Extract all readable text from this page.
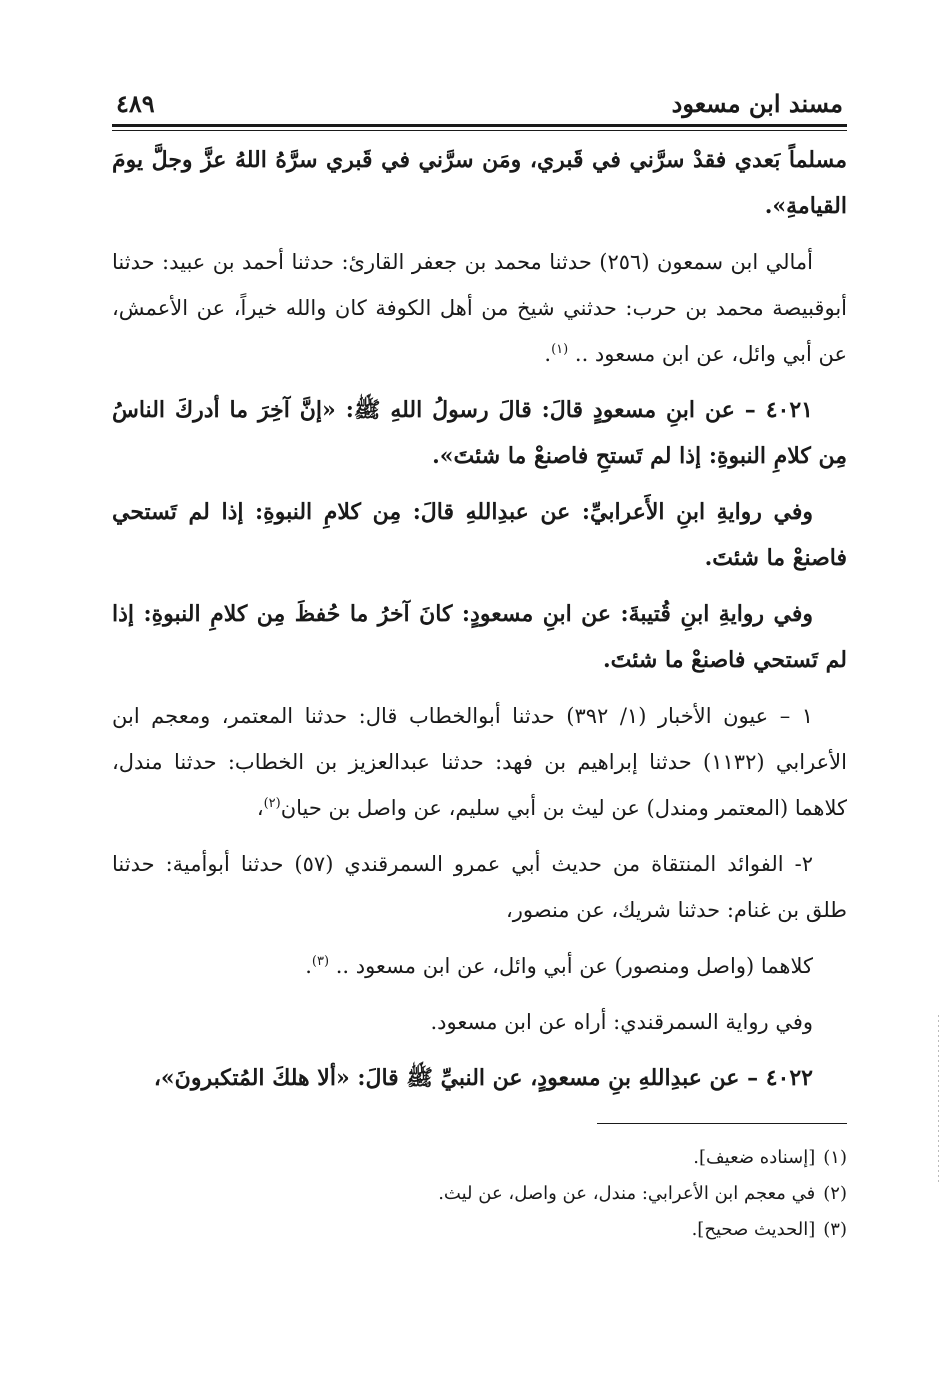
مسند ابن مسعود
٤٨٩

مسلماً بَعدي فقدْ سرَّني في قَبري، ومَن سرَّني في قَبري سرَّهُ اللهُ عزَّ وجلَّ يومَ القيامةِ».

أمالي ابن سمعون (٢٥٦) حدثنا محمد بن جعفر القارئ: حدثنا أحمد بن عبيد: حدثنا أبوقبيصة محمد بن حرب: حدثني شيخ من أهل الكوفة كان والله خيراً، عن الأعمش، عن أبي وائل، عن ابن مسعود .. $^{(١)}$.

٤٠٢١ – عن ابنِ مسعودٍ قالَ: قالَ رسولُ اللهِ ﷺ: «إنَّ آخِرَ ما أدركَ الناسُ مِن كلامِ النبوةِ: إذا لم تَستحِ فاصنعْ ما شئتَ».

وفي روايةِ ابنِ الأَعرابيِّ: عن عبدِاللهِ قالَ: مِن كلامِ النبوةِ: إذا لم تَستحي فاصنعْ ما شئتَ.

وفي روايةِ ابنِ قُتيبةَ: عن ابنِ مسعودٍ: كانَ آخرُ ما حُفظَ مِن كلامِ النبوةِ: إذا لم تَستحي فاصنعْ ما شئتَ.

١ – عيون الأخبار (١/ ٣٩٢) حدثنا أبوالخطاب قال: حدثنا المعتمر، ومعجم ابن الأعرابي (١١٣٢) حدثنا إبراهيم بن فهد: حدثنا عبدالعزيز بن الخطاب: حدثنا مندل، كلاهما (المعتمر ومندل) عن ليث بن أبي سليم، عن واصل بن حيان$^{(٢)}$،

٢- الفوائد المنتقاة من حديث أبي عمرو السمرقندي (٥٧) حدثنا أبوأمية: حدثنا طلق بن غنام: حدثنا شريك، عن منصور،

كلاهما (واصل ومنصور) عن أبي وائل، عن ابن مسعود .. $^{(٣)}$.

وفي رواية السمرقندي: أراه عن ابن مسعود.

٤٠٢٢ – عن عبدِاللهِ بنِ مسعودٍ، عن النبيِّ ﷺ قالَ: «ألا هلكَ المُتكبرونَ»،

(١)[إسناده ضعيف].

(٢)في معجم ابن الأعرابي: مندل، عن واصل، عن ليث.

(٣)[الحديث صحيح].
